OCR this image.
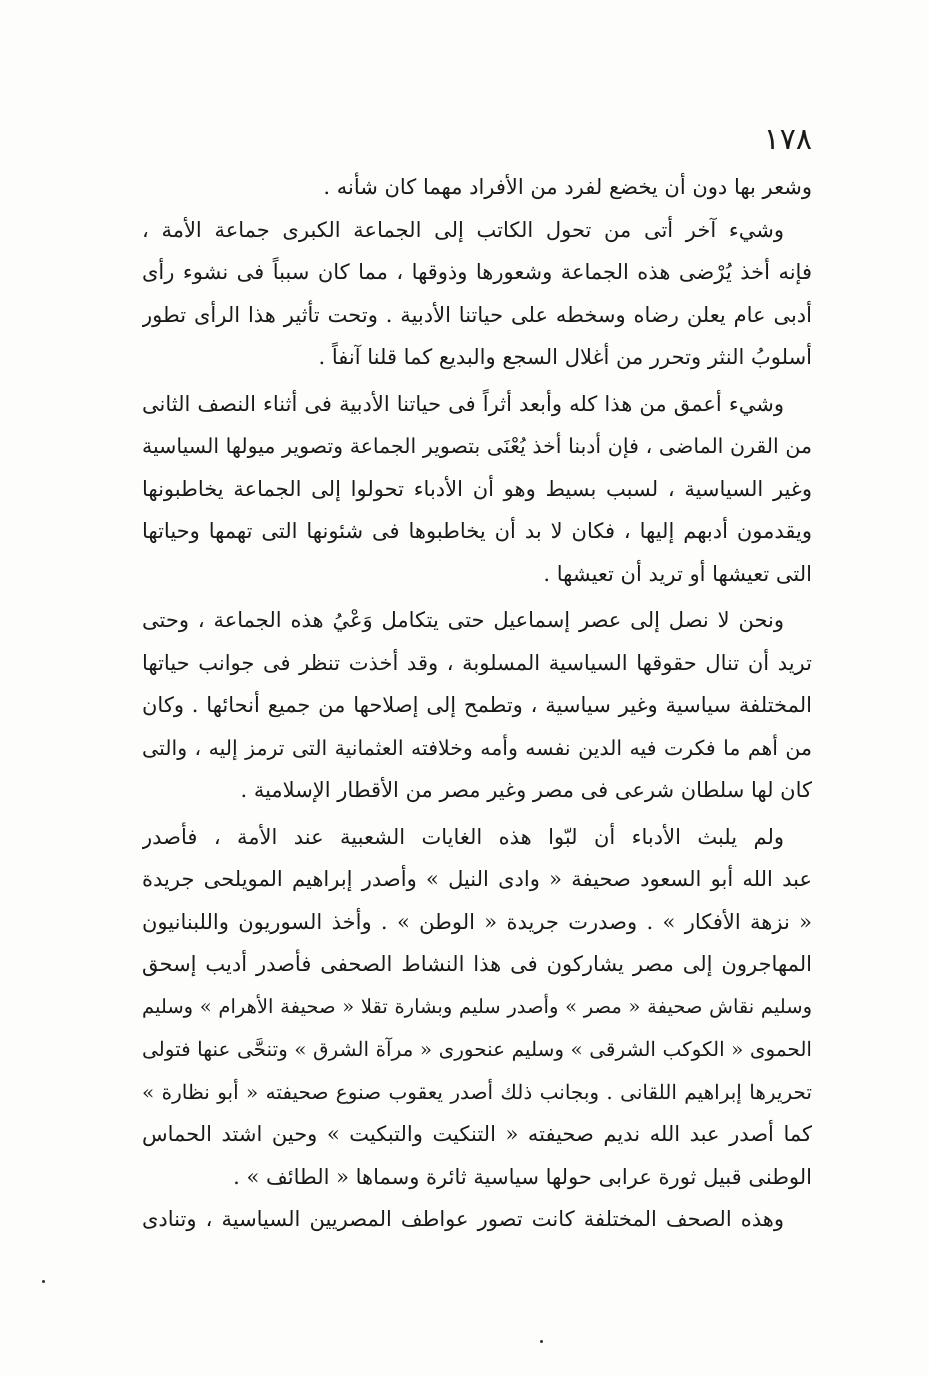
١٧٨
وشعر بها دون أن يخضع لفرد من الأفراد مهما كان شأنه .
وشيء آخر أتى من تحول الكاتب إلى الجماعة الكبرى جماعة الأمة ،
فإنه أخذ يُرْضى هذه الجماعة وشعورها وذوقها ، مما كان سبباً فى نشوء رأى
أدبى عام يعلن رضاه وسخطه على حياتنا الأدبية . وتحت تأثير هذا الرأى تطور
أسلوبُ النثر وتحرر من أغلال السجع والبديع كما قلنا آنفاً .
وشيء أعمق من هذا كله وأبعد أثراً فى حياتنا الأدبية فى أثناء النصف الثانى
من القرن الماضى ، فإن أدبنا أخذ يُعْنَى بتصوير الجماعة وتصوير ميولها السياسية
وغير السياسية ، لسبب بسيط وهو أن الأدباء تحولوا إلى الجماعة يخاطبونها
ويقدمون أدبهم إليها ، فكان لا بد أن يخاطبوها فى شئونها التى تهمها وحياتها
التى تعيشها أو تريد أن تعيشها .
ونحن لا نصل إلى عصر إسماعيل حتى يتكامل وَعْيُ هذه الجماعة ، وحتى
تريد أن تنال حقوقها السياسية المسلوبة ، وقد أخذت تنظر فى جوانب حياتها
المختلفة سياسية وغير سياسية ، وتطمح إلى إصلاحها من جميع أنحائها . وكان
من أهم ما فكرت فيه الدين نفسه وأمه وخلافته العثمانية التى ترمز إليه ، والتى
كان لها سلطان شرعى فى مصر وغير مصر من الأقطار الإسلامية .
ولم يلبث الأدباء أن لبّوا هذه الغايات الشعبية عند الأمة ، فأصدر
عبد الله أبو السعود صحيفة « وادى النيل » وأصدر إبراهيم المويلحى جريدة
« نزهة الأفكار » . وصدرت جريدة « الوطن » . وأخذ السوريون واللبنانيون
المهاجرون إلى مصر يشاركون فى هذا النشاط الصحفى فأصدر أديب إسحق
وسليم نقاش صحيفة « مصر » وأصدر سليم وبشارة تقلا « صحيفة الأهرام » وسليم
الحموى « الكوكب الشرقى » وسليم عنحورى « مرآة الشرق » وتنحَّى عنها فتولى
تحريرها إبراهيم اللقانى . وبجانب ذلك أصدر يعقوب صنوع صحيفته « أبو نظارة »
كما أصدر عبد الله نديم صحيفته « التنكيت والتبكيت » وحين اشتد الحماس
الوطنى قبيل ثورة عرابى حولها سياسية ثائرة وسماها « الطائف » .
وهذه الصحف المختلفة كانت تصور عواطف المصريين السياسية ، وتنادى
